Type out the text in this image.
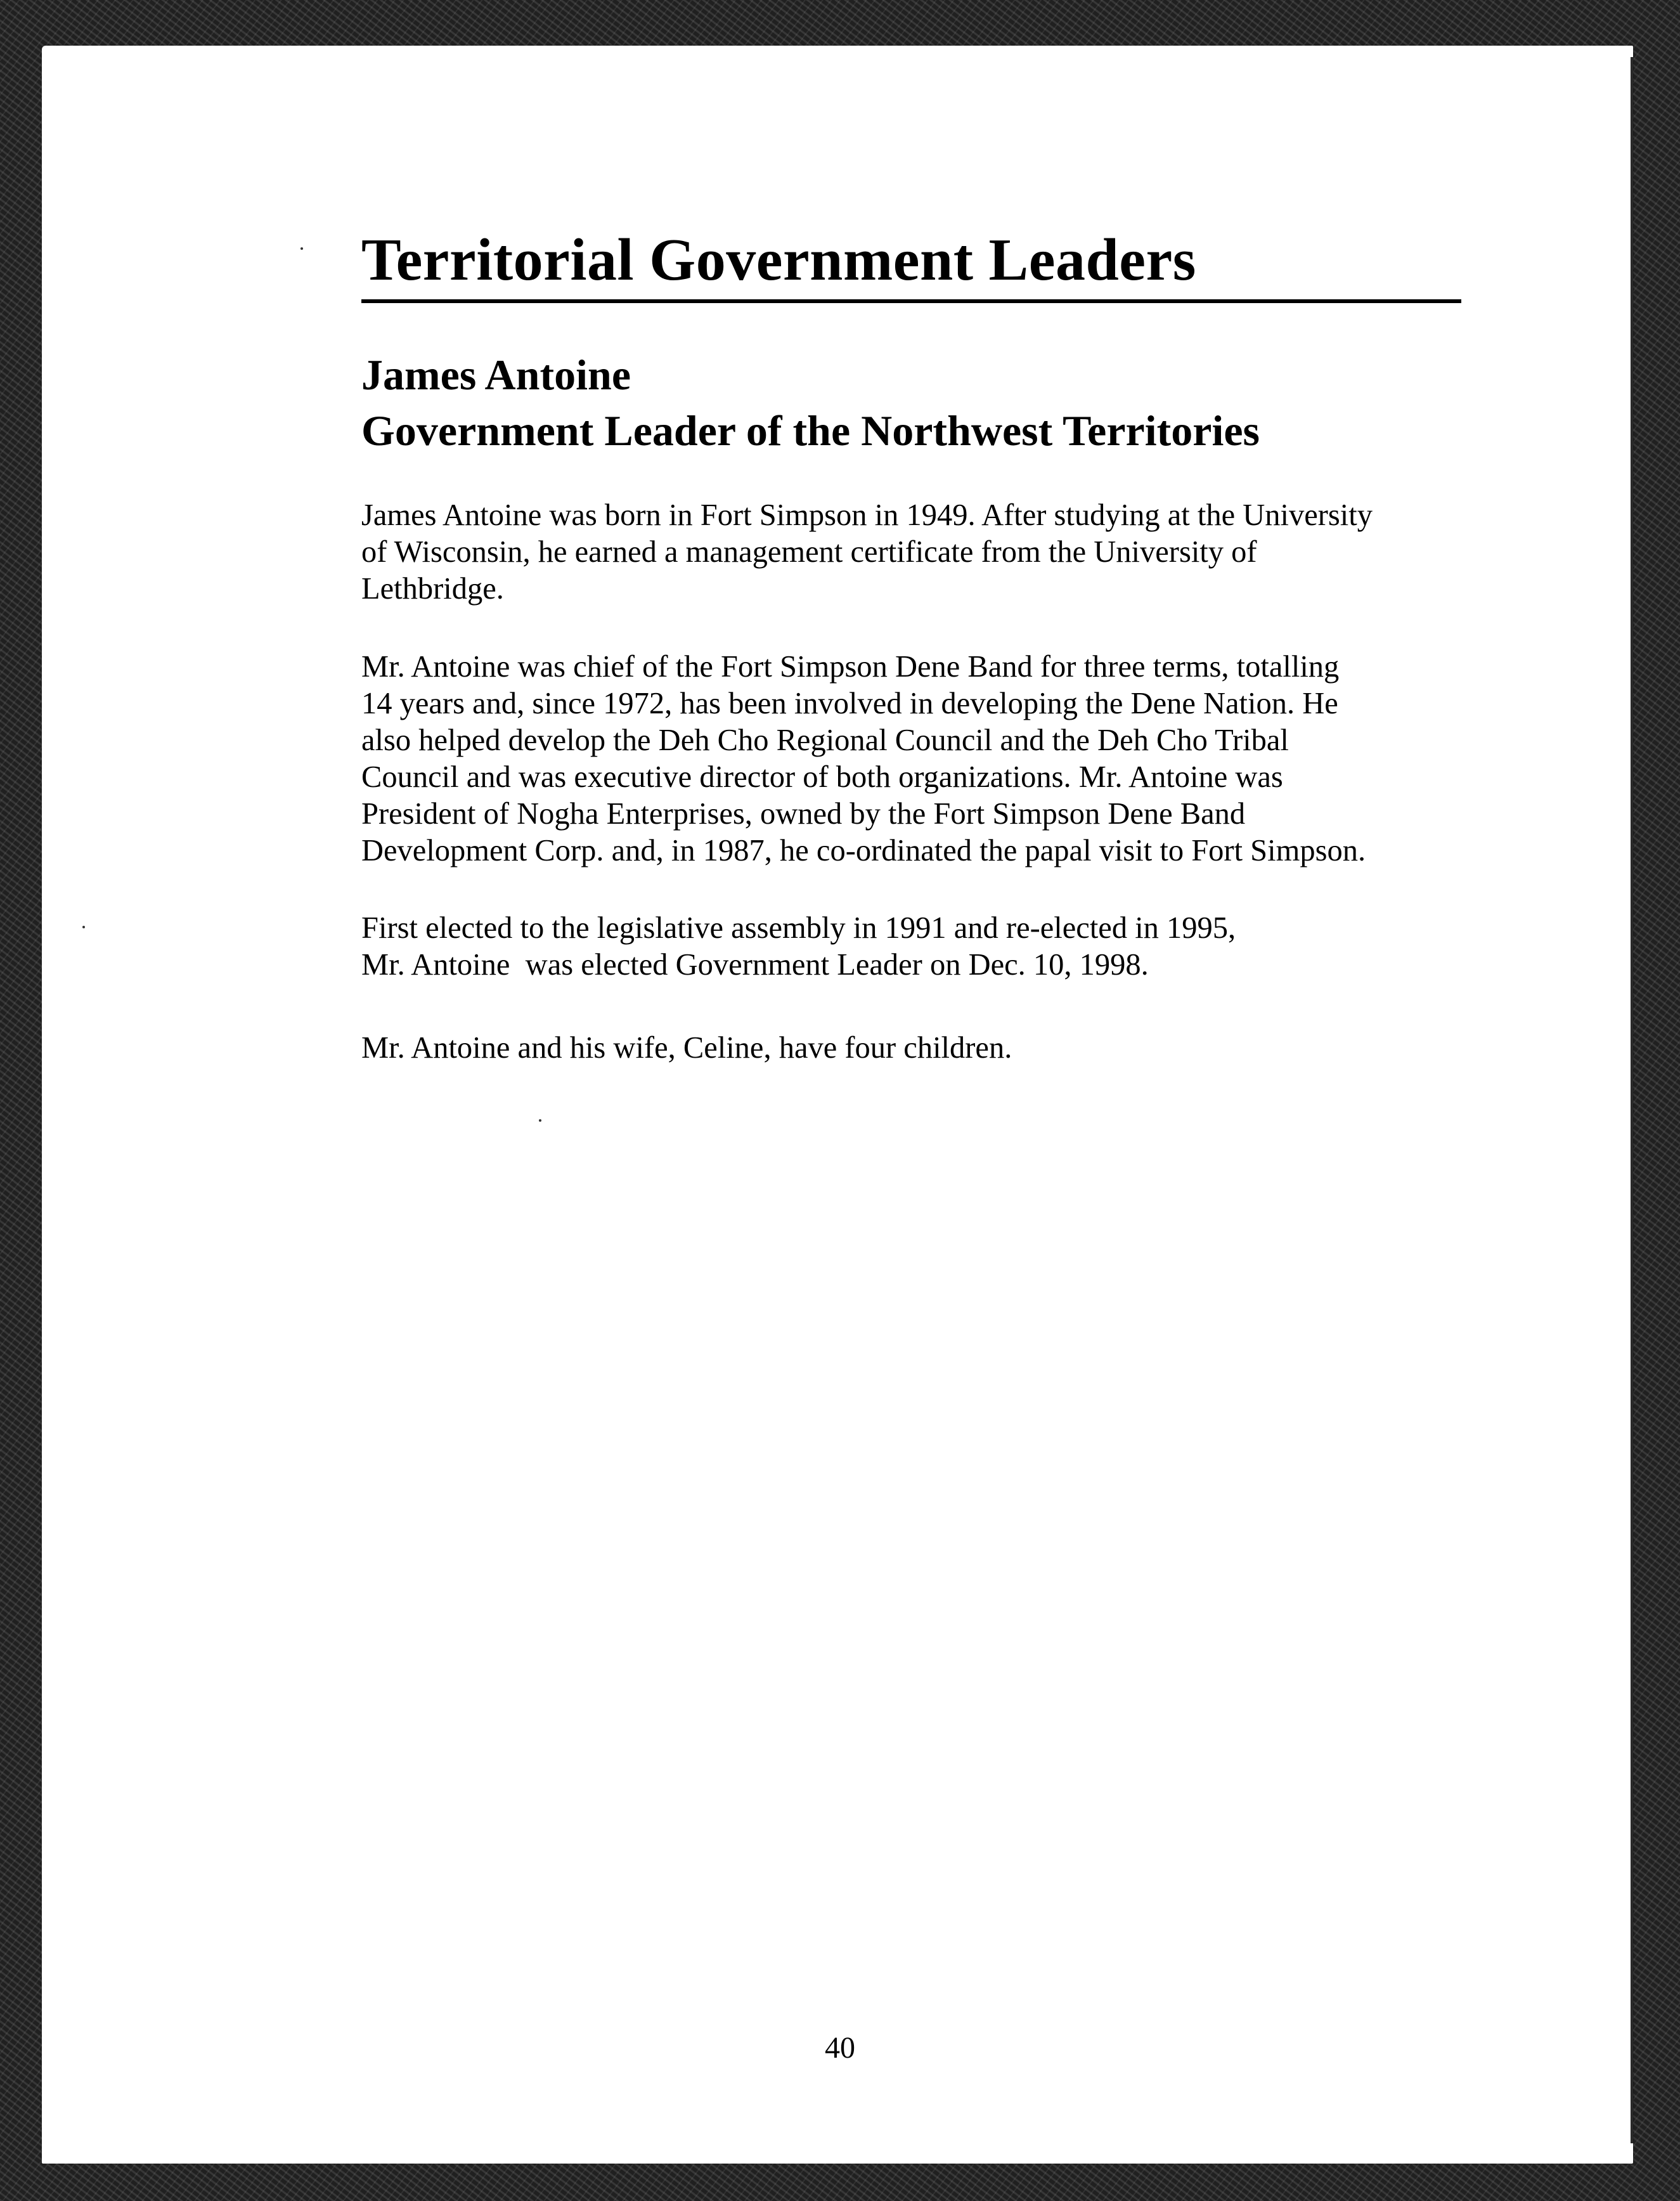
Territorial Government Leaders
James Antoine
Government Leader of the Northwest Territories

James Antoine was born in Fort Simpson in 1949. After studying at the University
of Wisconsin, he earned a management certificate from the University of
Lethbridge.

Mr. Antoine was chief of the Fort Simpson Dene Band for three terms, totalling
14 years and, since 1972, has been involved in developing the Dene Nation. He
also helped develop the Deh Cho Regional Council and the Deh Cho Tribal
Council and was executive director of both organizations. Mr. Antoine was
President of Nogha Enterprises, owned by the Fort Simpson Dene Band
Development Corp. and, in 1987, he co-ordinated the papal visit to Fort Simpson.

First elected to the legislative assembly in 1991 and re-elected in 1995,
Mr. Antoine  was elected Government Leader on Dec. 10, 1998.

Mr. Antoine and his wife, Celine, have four children.

40
